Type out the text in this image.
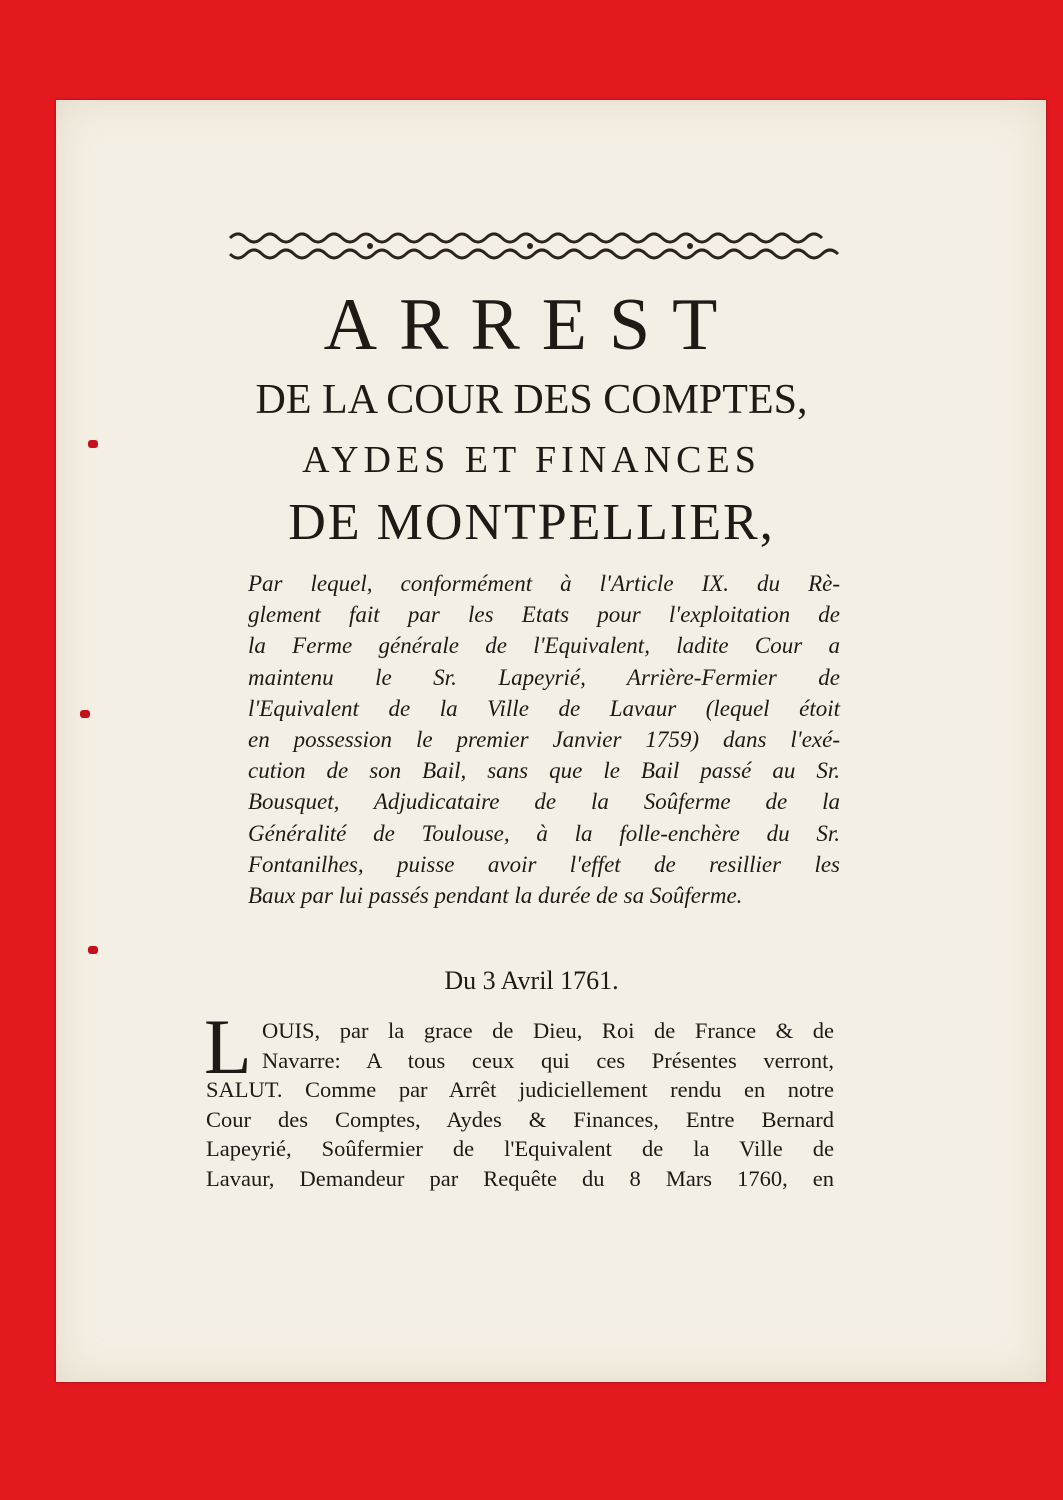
ARREST
DE LA COUR DES COMPTES,
AYDES ET FINANCES
DE MONTPELLIER,
Par lequel, conformément à l'Article IX. du Rè-
glement fait par les Etats pour l'exploitation de
la Ferme générale de l'Equivalent, ladite Cour a
maintenu le Sr. Lapeyrié, Arrière-Fermier de
l'Equivalent de la Ville de Lavaur (lequel étoit
en possession le premier Janvier 1759) dans l'exé-
cution de son Bail, sans que le Bail passé au Sr.
Bousquet, Adjudicataire de la Soûferme de la
Généralité de Toulouse, à la folle-enchère du Sr.
Fontanilhes, puisse avoir l'effet de resillier les
Baux par lui passés pendant la durée de sa Soûferme.
Du 3 Avril 1761.
L OUIS, par la grace de Dieu, Roi de France & de
Navarre: A tous ceux qui ces Présentes verront,
SALUT. Comme par Arrêt judiciellement rendu en notre
Cour des Comptes, Aydes & Finances, Entre Bernard
Lapeyrié, Soûfermier de l'Equivalent de la Ville de
Lavaur, Demandeur par Requête du 8 Mars 1760, en
